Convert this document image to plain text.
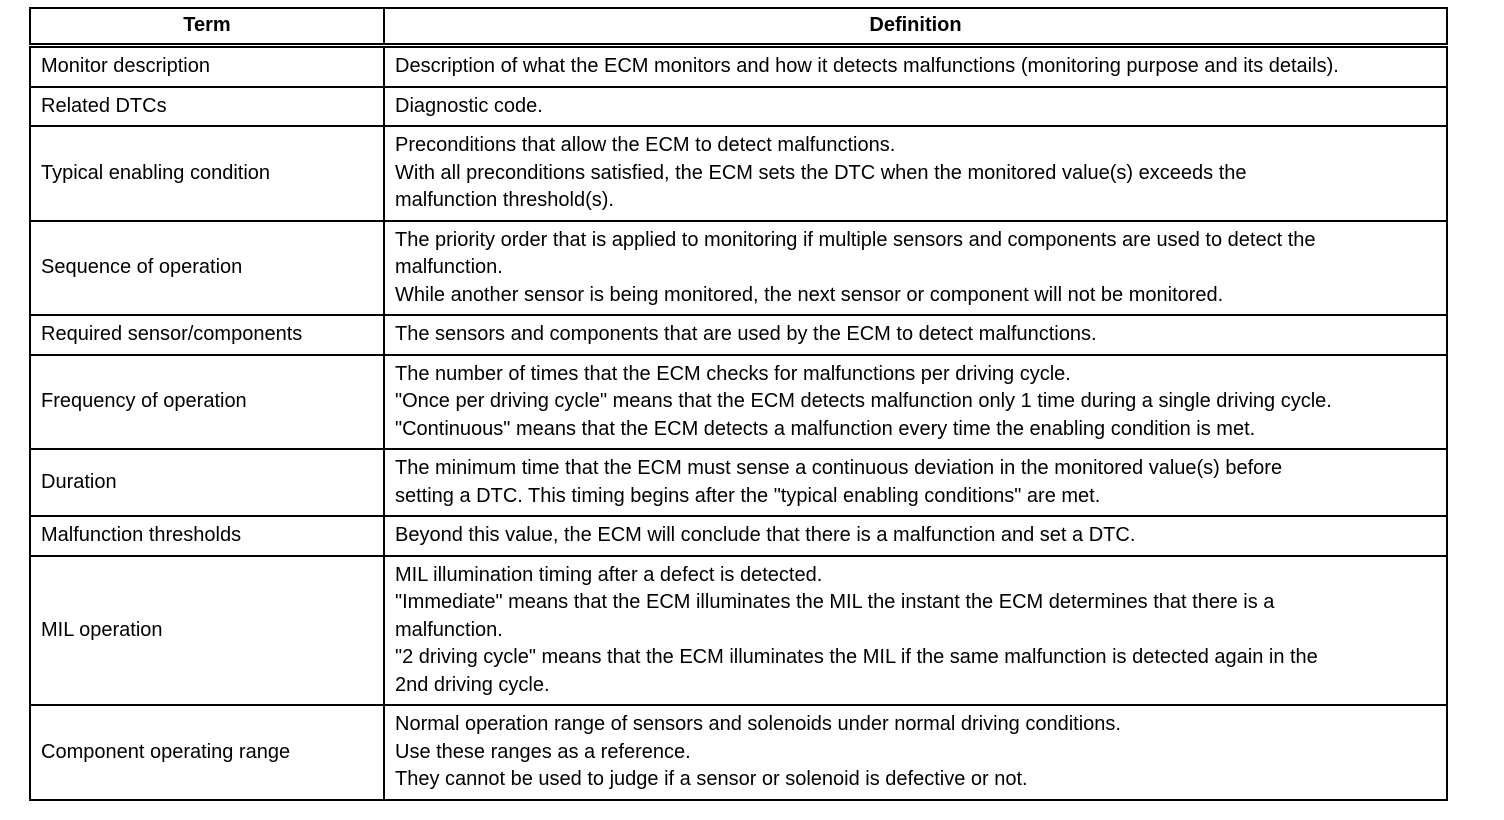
Term	Definition
Monitor description	Description of what the ECM monitors and how it detects malfunctions (monitoring purpose and its details).

Related DTCs	Diagnostic code.

Typical enabling condition	Preconditions that allow the ECM to detect malfunctions.
With all preconditions satisfied, the ECM sets the DTC when the monitored value(s) exceeds the
malfunction threshold(s).

Sequence of operation	The priority order that is applied to monitoring if multiple sensors and components are used to detect the
malfunction.
While another sensor is being monitored, the next sensor or component will not be monitored.

Required sensor/components	The sensors and components that are used by the ECM to detect malfunctions.

Frequency of operation	The number of times that the ECM checks for malfunctions per driving cycle.
"Once per driving cycle" means that the ECM detects malfunction only 1 time during a single driving cycle.
"Continuous" means that the ECM detects a malfunction every time the enabling condition is met.

Duration	The minimum time that the ECM must sense a continuous deviation in the monitored value(s) before
setting a DTC. This timing begins after the "typical enabling conditions" are met.

Malfunction thresholds	Beyond this value, the ECM will conclude that there is a malfunction and set a DTC.

MIL operation	MIL illumination timing after a defect is detected.
"Immediate" means that the ECM illuminates the MIL the instant the ECM determines that there is a
malfunction.
"2 driving cycle" means that the ECM illuminates the MIL if the same malfunction is detected again in the
2nd driving cycle.

Component operating range	Normal operation range of sensors and solenoids under normal driving conditions.
Use these ranges as a reference.
They cannot be used to judge if a sensor or solenoid is defective or not.
